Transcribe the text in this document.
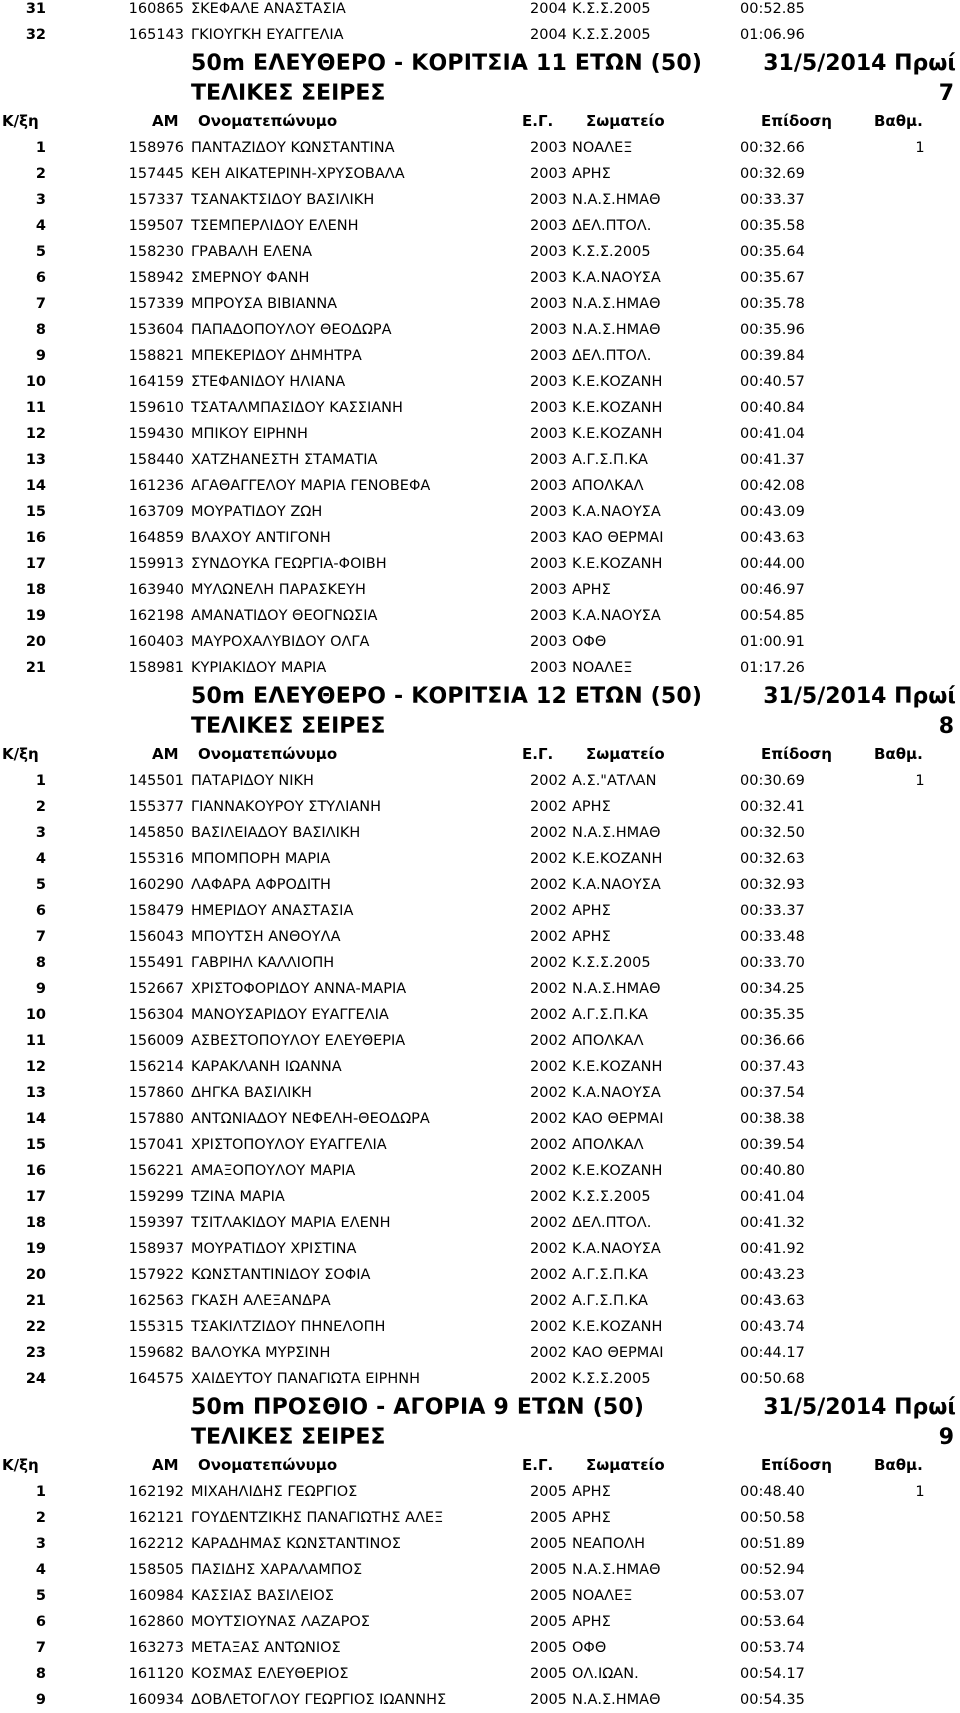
31	160865 ΣΚΕΦΑΛΕ ΑΝΑΣΤΑΣΙΑ	2004 Κ.Σ.Σ.2005	00:52.85
32	165143 ΓΚΙΟΥΓΚΗ ΕΥΑΓΓΕΛΙΑ	2004 Κ.Σ.Σ.2005	01:06.96
50m ΕΛΕΥΘΕΡΟ - ΚΟΡΙΤΣΙΑ 11 ΕΤΩΝ (50)	31/5/2014 Πρωί
ΤΕΛΙΚΕΣ ΣΕΙΡΕΣ	7
Κ/ξη	ΑΜ Ονοματεπώνυμο	Ε.Γ. Σωματείο	Επίδοση	Βαθμ.
1	158976 ΠΑΝΤΑΖΙΔΟΥ ΚΩΝΣΤΑΝΤΙΝΑ	2003 ΝΟΑΛΕΞ	00:32.66	1
2	157445 ΚΕΗ ΑΙΚΑΤΕΡΙΝΗ-ΧΡΥΣΟΒΑΛΑ	2003 ΑΡΗΣ	00:32.69
3	157337 ΤΣΑΝΑΚΤΣΙΔΟΥ ΒΑΣΙΛΙΚΗ	2003 Ν.Α.Σ.ΗΜΑΘ	00:33.37
4	159507 ΤΣΕΜΠΕΡΛΙΔΟΥ ΕΛΕΝΗ	2003 ΔΕΛ.ΠΤΟΛ.	00:35.58
5	158230 ΓΡΑΒΑΛΗ ΕΛΕΝΑ	2003 Κ.Σ.Σ.2005	00:35.64
6	158942 ΣΜΕΡΝΟΥ ΦΑΝΗ	2003 Κ.Α.ΝΑΟΥΣΑ	00:35.67
7	157339 ΜΠΡΟΥΣΑ ΒΙΒΙΑΝΝΑ	2003 Ν.Α.Σ.ΗΜΑΘ	00:35.78
8	153604 ΠΑΠΑΔΟΠΟΥΛΟΥ ΘΕΟΔΩΡΑ	2003 Ν.Α.Σ.ΗΜΑΘ	00:35.96
9	158821 ΜΠΕΚΕΡΙΔΟΥ ΔΗΜΗΤΡΑ	2003 ΔΕΛ.ΠΤΟΛ.	00:39.84
10	164159 ΣΤΕΦΑΝΙΔΟΥ ΗΛΙΑΝΑ	2003 Κ.Ε.ΚΟΖΑΝΗ	00:40.57
11	159610 ΤΣΑΤΑΛΜΠΑΣΙΔΟΥ ΚΑΣΣΙΑΝΗ	2003 Κ.Ε.ΚΟΖΑΝΗ	00:40.84
12	159430 ΜΠΙΚΟΥ ΕΙΡΗΝΗ	2003 Κ.Ε.ΚΟΖΑΝΗ	00:41.04
13	158440 ΧΑΤΖΗΑΝΕΣΤΗ ΣΤΑΜΑΤΙΑ	2003 Α.Γ.Σ.Π.ΚΑ	00:41.37
14	161236 ΑΓΑΘΑΓΓΕΛΟΥ ΜΑΡΙΑ ΓΕΝΟΒΕΦΑ	2003 ΑΠΟΛΚΑΛ	00:42.08
15	163709 ΜΟΥΡΑΤΙΔΟΥ ΖΩΗ	2003 Κ.Α.ΝΑΟΥΣΑ	00:43.09
16	164859 ΒΛΑΧΟΥ ΑΝΤΙΓΟΝΗ	2003 ΚΑΟ ΘΕΡΜΑΙ	00:43.63
17	159913 ΣΥΝΔΟΥΚΑ ΓΕΩΡΓΙΑ-ΦΟΙΒΗ	2003 Κ.Ε.ΚΟΖΑΝΗ	00:44.00
18	163940 ΜΥΛΩΝΕΛΗ ΠΑΡΑΣΚΕΥΗ	2003 ΑΡΗΣ	00:46.97
19	162198 ΑΜΑΝΑΤΙΔΟΥ ΘΕΟΓΝΩΣΙΑ	2003 Κ.Α.ΝΑΟΥΣΑ	00:54.85
20	160403 ΜΑΥΡΟΧΑΛΥΒΙΔΟΥ ΟΛΓΑ	2003 ΟΦΘ	01:00.91
21	158981 ΚΥΡΙΑΚΙΔΟΥ ΜΑΡΙΑ	2003 ΝΟΑΛΕΞ	01:17.26
50m ΕΛΕΥΘΕΡΟ - ΚΟΡΙΤΣΙΑ 12 ΕΤΩΝ (50)	31/5/2014 Πρωί
ΤΕΛΙΚΕΣ ΣΕΙΡΕΣ	8
Κ/ξη	ΑΜ Ονοματεπώνυμο	Ε.Γ. Σωματείο	Επίδοση	Βαθμ.
1	145501 ΠΑΤΑΡΙΔΟΥ ΝΙΚΗ	2002 Α.Σ."ΑΤΛΑΝ	00:30.69	1
2	155377 ΓΙΑΝΝΑΚΟΥΡΟΥ ΣΤΥΛΙΑΝΗ	2002 ΑΡΗΣ	00:32.41
3	145850 ΒΑΣΙΛΕΙΑΔΟΥ ΒΑΣΙΛΙΚΗ	2002 Ν.Α.Σ.ΗΜΑΘ	00:32.50
4	155316 ΜΠΟΜΠΟΡΗ ΜΑΡΙΑ	2002 Κ.Ε.ΚΟΖΑΝΗ	00:32.63
5	160290 ΛΑΦΑΡΑ ΑΦΡΟΔΙΤΗ	2002 Κ.Α.ΝΑΟΥΣΑ	00:32.93
6	158479 ΗΜΕΡΙΔΟΥ ΑΝΑΣΤΑΣΙΑ	2002 ΑΡΗΣ	00:33.37
7	156043 ΜΠΟΥΤΣΗ ΑΝΘΟΥΛΑ	2002 ΑΡΗΣ	00:33.48
8	155491 ΓΑΒΡΙΗΛ ΚΑΛΛΙΟΠΗ	2002 Κ.Σ.Σ.2005	00:33.70
9	152667 ΧΡΙΣΤΟΦΟΡΙΔΟΥ ΑΝΝΑ-ΜΑΡΙΑ	2002 Ν.Α.Σ.ΗΜΑΘ	00:34.25
10	156304 ΜΑΝΟΥΣΑΡΙΔΟΥ ΕΥΑΓΓΕΛΙΑ	2002 Α.Γ.Σ.Π.ΚΑ	00:35.35
11	156009 ΑΣΒΕΣΤΟΠΟΥΛΟΥ ΕΛΕΥΘΕΡΙΑ	2002 ΑΠΟΛΚΑΛ	00:36.66
12	156214 ΚΑΡΑΚΛΑΝΗ ΙΩΑΝΝΑ	2002 Κ.Ε.ΚΟΖΑΝΗ	00:37.43
13	157860 ΔΗΓΚΑ ΒΑΣΙΛΙΚΗ	2002 Κ.Α.ΝΑΟΥΣΑ	00:37.54
14	157880 ΑΝΤΩΝΙΑΔΟΥ ΝΕΦΕΛΗ-ΘΕΟΔΩΡΑ	2002 ΚΑΟ ΘΕΡΜΑΙ	00:38.38
15	157041 ΧΡΙΣΤΟΠΟΥΛΟΥ ΕΥΑΓΓΕΛΙΑ	2002 ΑΠΟΛΚΑΛ	00:39.54
16	156221 ΑΜΑΞΟΠΟΥΛΟΥ ΜΑΡΙΑ	2002 Κ.Ε.ΚΟΖΑΝΗ	00:40.80
17	159299 ΤΖΙΝΑ ΜΑΡΙΑ	2002 Κ.Σ.Σ.2005	00:41.04
18	159397 ΤΣΙΤΛΑΚΙΔΟΥ ΜΑΡΙΑ ΕΛΕΝΗ	2002 ΔΕΛ.ΠΤΟΛ.	00:41.32
19	158937 ΜΟΥΡΑΤΙΔΟΥ ΧΡΙΣΤΙΝΑ	2002 Κ.Α.ΝΑΟΥΣΑ	00:41.92
20	157922 ΚΩΝΣΤΑΝΤΙΝΙΔΟΥ ΣΟΦΙΑ	2002 Α.Γ.Σ.Π.ΚΑ	00:43.23
21	162563 ΓΚΑΣΗ ΑΛΕΞΑΝΔΡΑ	2002 Α.Γ.Σ.Π.ΚΑ	00:43.63
22	155315 ΤΣΑΚΙΛΤΖΙΔΟΥ ΠΗΝΕΛΟΠΗ	2002 Κ.Ε.ΚΟΖΑΝΗ	00:43.74
23	159682 ΒΑΛΟΥΚΑ ΜΥΡΣΙΝΗ	2002 ΚΑΟ ΘΕΡΜΑΙ	00:44.17
24	164575 ΧΑΙΔΕΥΤΟΥ ΠΑΝΑΓΙΩΤΑ ΕΙΡΗΝΗ	2002 Κ.Σ.Σ.2005	00:50.68
50m ΠΡΟΣΘΙΟ - ΑΓΟΡΙΑ 9 ΕΤΩΝ (50)	31/5/2014 Πρωί
ΤΕΛΙΚΕΣ ΣΕΙΡΕΣ	9
Κ/ξη	ΑΜ Ονοματεπώνυμο	Ε.Γ. Σωματείο	Επίδοση	Βαθμ.
1	162192 ΜΙΧΑΗΛΙΔΗΣ ΓΕΩΡΓΙΟΣ	2005 ΑΡΗΣ	00:48.40	1
2	162121 ΓΟΥΔΕΝΤΖΙΚΗΣ ΠΑΝΑΓΙΩΤΗΣ ΑΛΕΞ	2005 ΑΡΗΣ	00:50.58
3	162212 ΚΑΡΑΔΗΜΑΣ ΚΩΝΣΤΑΝΤΙΝΟΣ	2005 ΝΕΑΠΟΛΗ	00:51.89
4	158505 ΠΑΣΙΔΗΣ ΧΑΡΑΛΑΜΠΟΣ	2005 Ν.Α.Σ.ΗΜΑΘ	00:52.94
5	160984 ΚΑΣΣΙΑΣ ΒΑΣΙΛΕΙΟΣ	2005 ΝΟΑΛΕΞ	00:53.07
6	162860 ΜΟΥΤΣΙΟΥΝΑΣ ΛΑΖΑΡΟΣ	2005 ΑΡΗΣ	00:53.64
7	163273 ΜΕΤΑΞΑΣ ΑΝΤΩΝΙΟΣ	2005 ΟΦΘ	00:53.74
8	161120 ΚΟΣΜΑΣ ΕΛΕΥΘΕΡΙΟΣ	2005 ΟΛ.ΙΩΑΝ.	00:54.17
9	160934 ΔΟΒΛΕΤΟΓΛΟΥ ΓΕΩΡΓΙΟΣ ΙΩΑΝΝΗΣ	2005 Ν.Α.Σ.ΗΜΑΘ	00:54.35
